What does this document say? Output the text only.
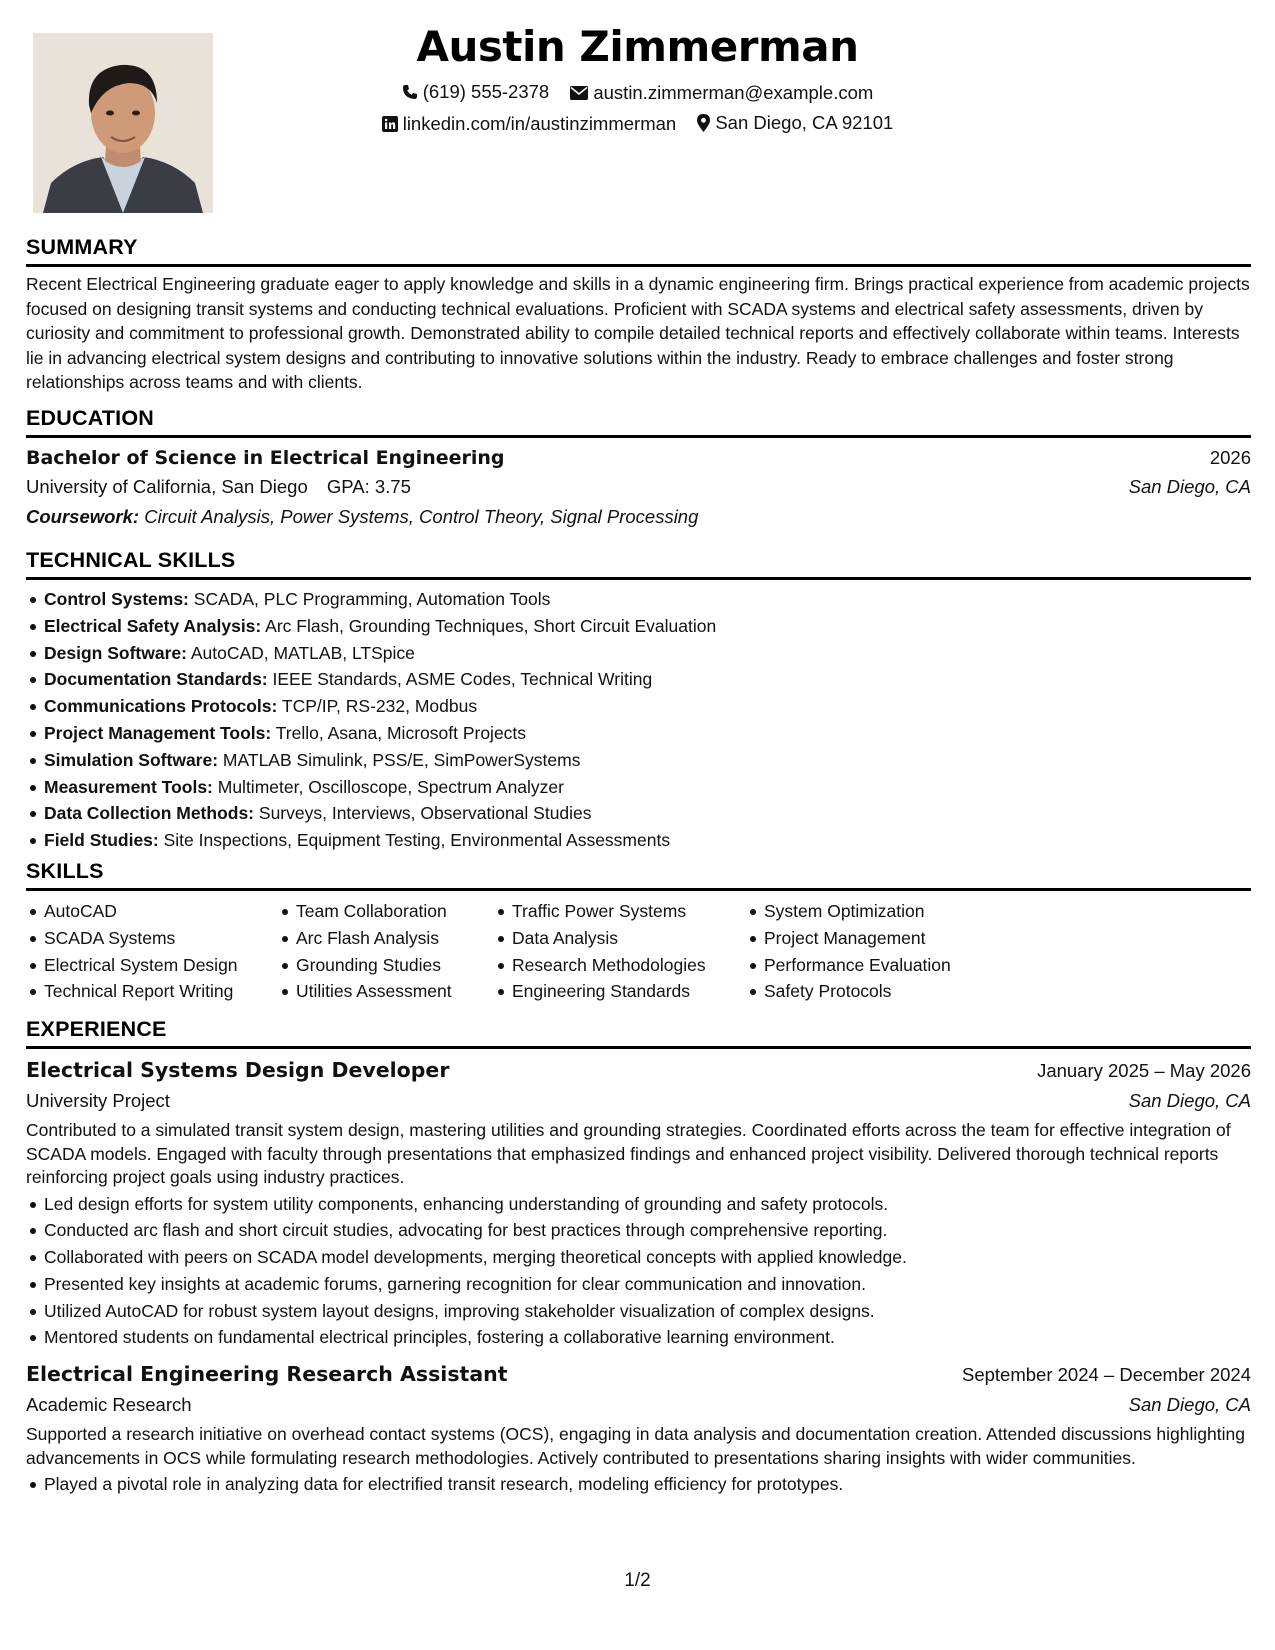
Austin Zimmerman
(619) 555-2378
austin.zimmerman@example.com
linkedin.com/in/austinzimmerman
San Diego, CA 92101
SUMMARY
Recent Electrical Engineering graduate eager to apply knowledge and skills in a dynamic engineering firm. Brings practical experience from academic projects focused on designing transit systems and conducting technical evaluations. Proficient with SCADA systems and electrical safety assessments, driven by curiosity and commitment to professional growth. Demonstrated ability to compile detailed technical reports and effectively collaborate within teams. Interests lie in advancing electrical system designs and contributing to innovative solutions within the industry. Ready to embrace challenges and foster strong relationships across teams and with clients.
EDUCATION
Bachelor of Science in Electrical Engineering	2026
University of California, San Diego GPA: 3.75	San Diego, CA
Coursework: Circuit Analysis, Power Systems, Control Theory, Signal Processing
TECHNICAL SKILLS
Control Systems: SCADA, PLC Programming, Automation Tools
Electrical Safety Analysis: Arc Flash, Grounding Techniques, Short Circuit Evaluation
Design Software: AutoCAD, MATLAB, LTSpice
Documentation Standards: IEEE Standards, ASME Codes, Technical Writing
Communications Protocols: TCP/IP, RS-232, Modbus
Project Management Tools: Trello, Asana, Microsoft Projects
Simulation Software: MATLAB Simulink, PSS/E, SimPowerSystems
Measurement Tools: Multimeter, Oscilloscope, Spectrum Analyzer
Data Collection Methods: Surveys, Interviews, Observational Studies
Field Studies: Site Inspections, Equipment Testing, Environmental Assessments
SKILLS
AutoCAD
SCADA Systems
Electrical System Design
Technical Report Writing
Team Collaboration
Arc Flash Analysis
Grounding Studies
Utilities Assessment
Traffic Power Systems
Data Analysis
Research Methodologies
Engineering Standards
System Optimization
Project Management
Performance Evaluation
Safety Protocols
EXPERIENCE
Electrical Systems Design Developer	January 2025 – May 2026
University Project	San Diego, CA
Contributed to a simulated transit system design, mastering utilities and grounding strategies. Coordinated efforts across the team for effective integration of SCADA models. Engaged with faculty through presentations that emphasized findings and enhanced project visibility. Delivered thorough technical reports reinforcing project goals using industry practices.
Led design efforts for system utility components, enhancing understanding of grounding and safety protocols.
Conducted arc flash and short circuit studies, advocating for best practices through comprehensive reporting.
Collaborated with peers on SCADA model developments, merging theoretical concepts with applied knowledge.
Presented key insights at academic forums, garnering recognition for clear communication and innovation.
Utilized AutoCAD for robust system layout designs, improving stakeholder visualization of complex designs.
Mentored students on fundamental electrical principles, fostering a collaborative learning environment.
Electrical Engineering Research Assistant	September 2024 – December 2024
Academic Research	San Diego, CA
Supported a research initiative on overhead contact systems (OCS), engaging in data analysis and documentation creation. Attended discussions highlighting advancements in OCS while formulating research methodologies. Actively contributed to presentations sharing insights with wider communities.
Played a pivotal role in analyzing data for electrified transit research, modeling efficiency for prototypes.
1/2
